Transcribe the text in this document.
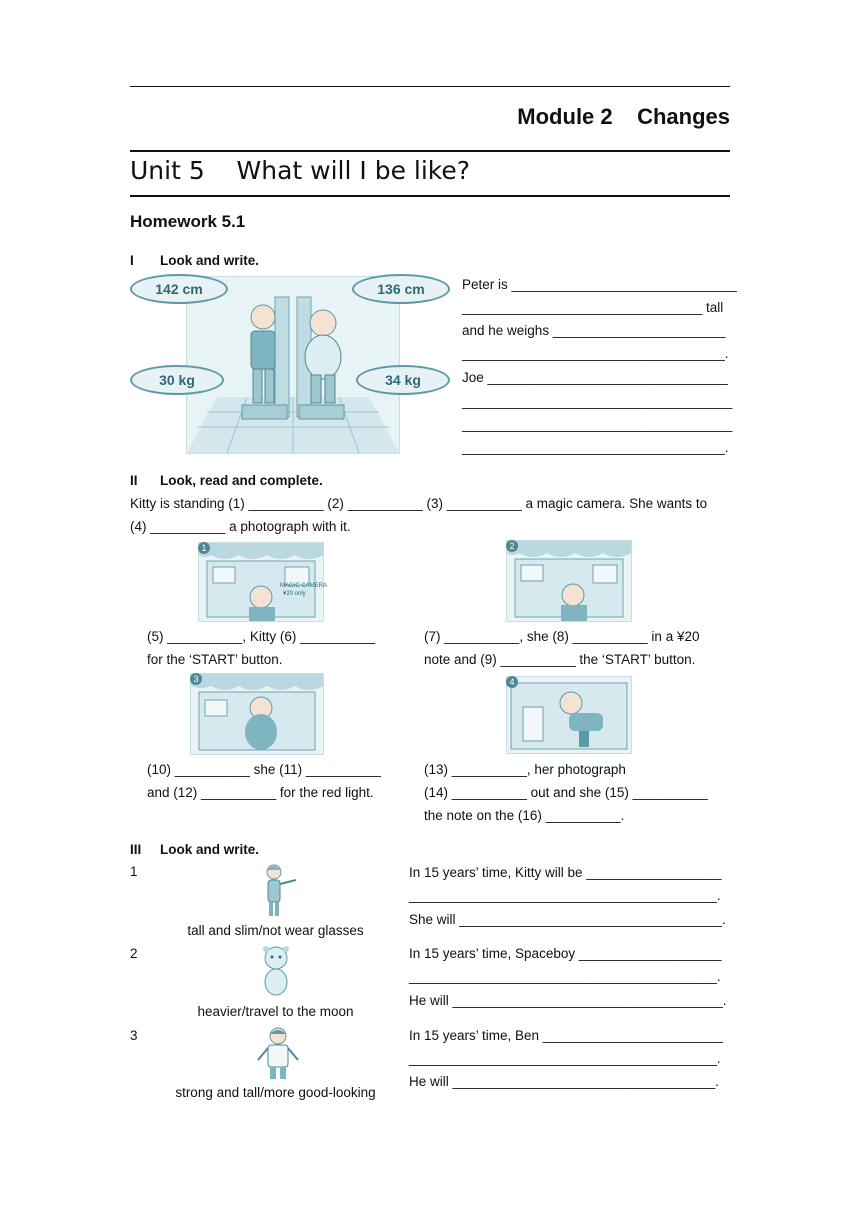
Module 2    Changes
Unit 5    What will I be like?
Homework 5.1
I Look and write.
142 cm	136 cm
30 kg	34 kg
Peter is ______________________________
________________________________ tall
and he weighs _______________________
___________________________________.
Joe ________________________________
____________________________________
____________________________________
___________________________________.
II Look, read and complete.
Kitty is standing (1) __________ (2) __________ (3) __________ a magic camera. She wants to
(4) __________ a photograph with it.
1
MAGIC CAMERA
¥20 only
2
(5) __________, Kitty (6) __________
for the ‘START’ button.
(7) __________, she (8) __________ in a ¥20
note and (9) __________ the ‘START’ button.
3	4
(10) __________ she (11) __________
and (12) __________ for the red light.
(13) __________, her photograph
(14) __________ out and she (15) __________
the note on the (16) __________.
III Look and write.
1
tall and slim/not wear glasses
In 15 years’ time, Kitty will be __________________
_________________________________________.
She will ___________________________________.
2
heavier/travel to the moon
In 15 years’ time, Spaceboy ___________________
_________________________________________.
He will ____________________________________.
3
strong and tall/more good-looking
In 15 years’ time, Ben ________________________
_________________________________________.
He will ___________________________________.
